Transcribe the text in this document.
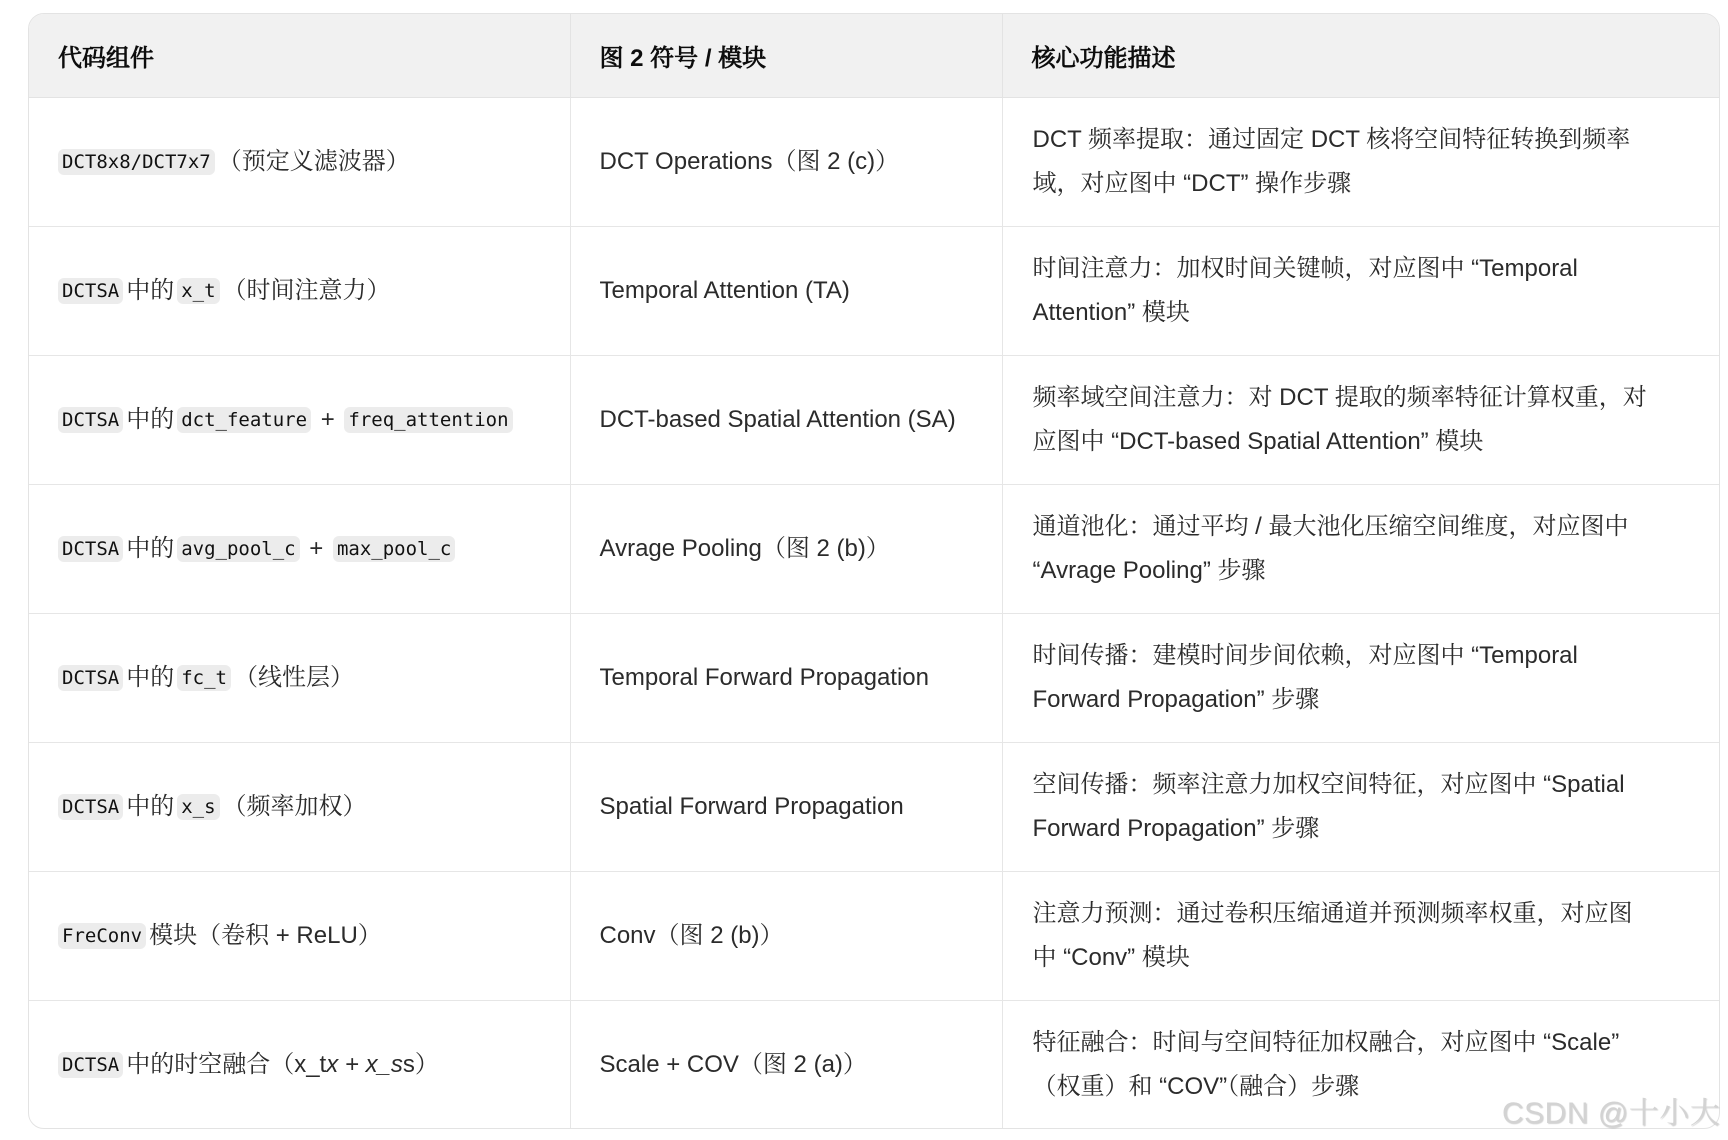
代码组件	图 2 符号 / 模块	核心功能描述
DCT8x8/DCT7x7 （预定义滤波器）	DCT Operations（图 2 (c)）	DCT 频率提取：通过固定 DCT 核将空间特征转换到频率
域，对应图中 “DCT” 操作步骤

DCTSA 中的 x_t （时间注意力）	Temporal Attention (TA)	时间注意力：加权时间关键帧，对应图中 “Temporal
Attention” 模块

DCTSA 中的 dct_feature + freq_attention	DCT-based Spatial Attention (SA)	频率域空间注意力：对 DCT 提取的频率特征计算权重，对
应图中 “DCT-based Spatial Attention” 模块

DCTSA 中的 avg_pool_c + max_pool_c	Avrage Pooling（图 2 (b)）	通道池化：通过平均 / 最大池化压缩空间维度，对应图中
“Avrage Pooling” 步骤

DCTSA 中的 fc_t （线性层）	Temporal Forward Propagation	时间传播：建模时间步间依赖，对应图中 “Temporal
Forward Propagation” 步骤

DCTSA 中的 x_s （频率加权）	Spatial Forward Propagation	空间传播：频率注意力加权空间特征，对应图中 “Spatial
Forward Propagation” 步骤

FreConv 模块（卷积 + ReLU）	Conv（图 2 (b)）	注意力预测：通过卷积压缩通道并预测频率权重，对应图
中 “Conv” 模块

DCTSA 中的时空融合（x_tx + x_ss）	Scale + COV（图 2 (a)）	特征融合：时间与空间特征加权融合，对应图中 “Scale”
（权重）和 “COV”（融合）步骤
CSDN @十小大
